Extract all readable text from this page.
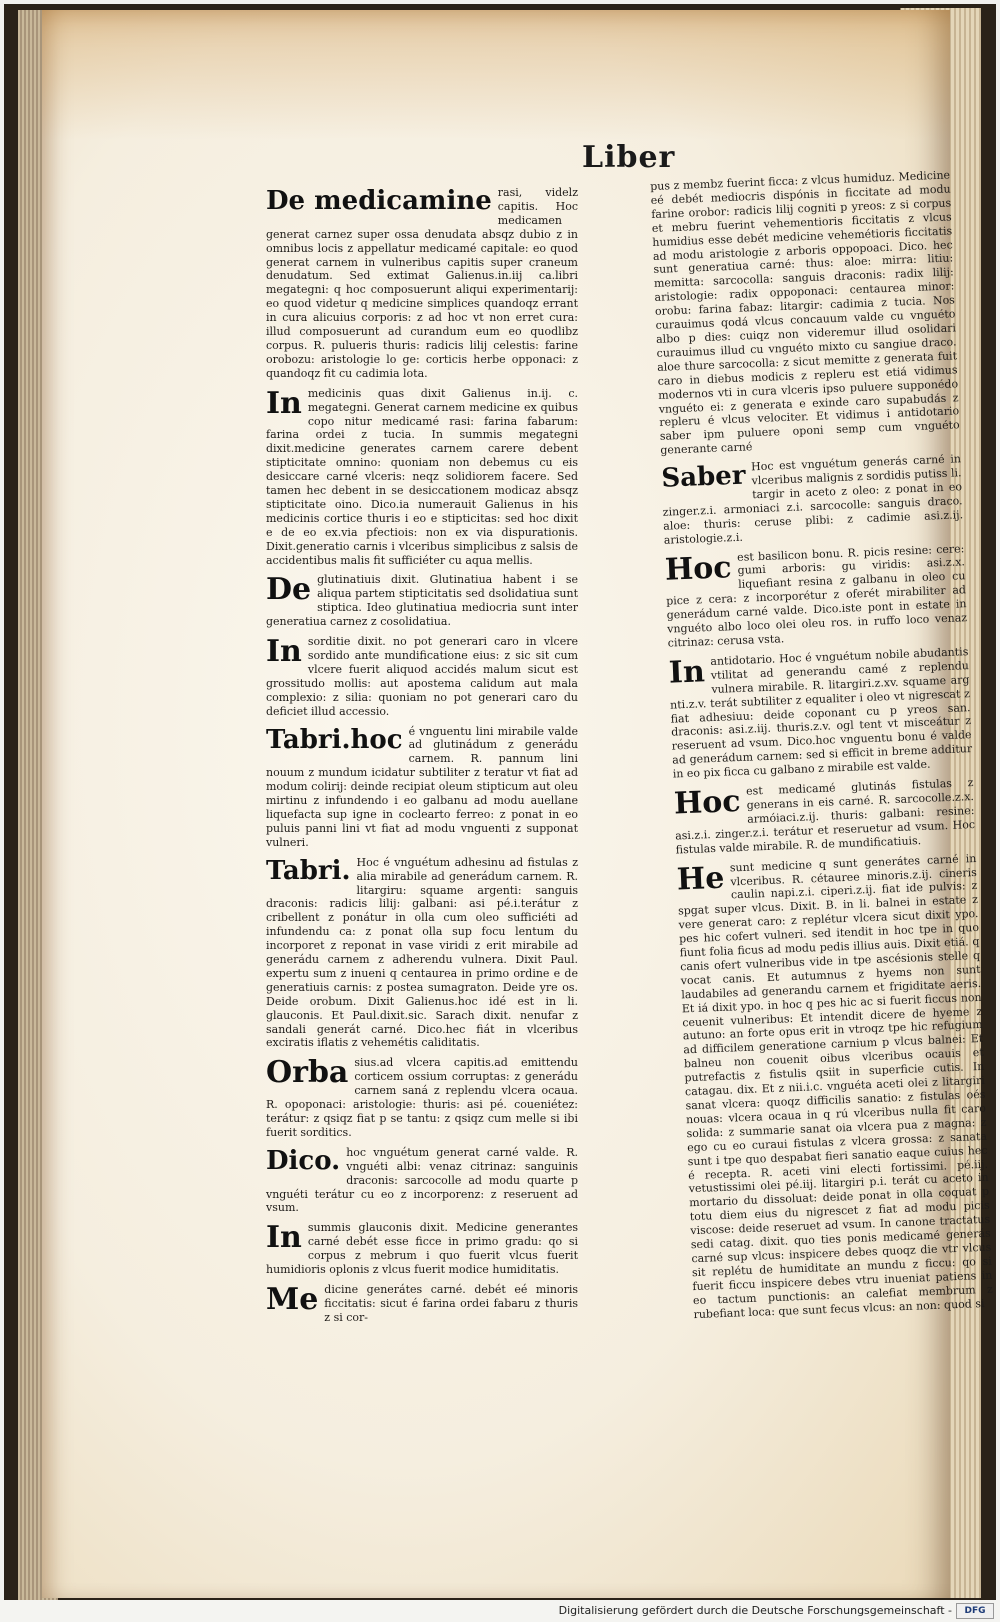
Liber

De medicamine rasi, videlz capitis. Hoc medicamen generat carnez super ossa denudata absqz dubio z in omnibus locis z appellatur medicamé capitale: eo quod generat carnem in vulneribus capitis super craneum denudatum. Sed extimat Galienus.in.iij ca.libri megategni: q hoc composuerunt aliqui experimentarij: eo quod videtur q medicine simplices quandoqz errant in cura alicuius corporis: z ad hoc vt non erret cura: illud composuerunt ad curandum eum eo quodlibz corpus. R. pulueris thuris: radicis lilij celestis: farine orobozu: aristologie lo ge: corticis herbe opponaci: z quandoqz fit cu cadimia lota.

In medicinis quas dixit Galienus in.ij. c. megategni. Generat carnem medicine ex quibus copo nitur medicamé rasi: farina fabarum: farina ordei z tucia. In summis megategni dixit.medicine generates carnem carere debent stipticitate omnino: quoniam non debemus cu eis desiccare carné vlceris: neqz solidiorem facere. Sed tamen hec debent in se desiccationem modicaz absqz stipticitate oino. Dico.ia numerauit Galienus in his medicinis cortice thuris i eo e stipticitas: sed hoc dixit e de eo ex.via pfectiois: non ex via dispurationis. Dixit.generatio carnis i vlceribus simplicibus z salsis de accidentibus malis fit sufficiéter cu aqua mellis.

De glutinatiuis dixit. Glutinatiua habent i se aliqua partem stipticitatis sed dsolidatiua sunt stiptica. Ideo glutinatiua mediocria sunt inter generatiua carnez z cosolidatiua.

In sorditie dixit. no pot generari caro in vlcere sordido ante mundificatione eius: z sic sit cum vlcere fuerit aliquod accidés malum sicut est grossitudo mollis: aut apostema calidum aut mala complexio: z silia: quoniam no pot generari caro du deficiet illud accessio.

Tabri.hoc é vnguentu lini mirabile valde ad glutinádum z generádu carnem. R. pannum lini nouum z mundum icidatur subtiliter z teratur vt fiat ad modum colirij: deinde recipiat oleum stipticum aut oleu mirtinu z infundendo i eo galbanu ad modu auellane liquefacta sup igne in coclearto ferreo: z ponat in eo puluis panni lini vt fiat ad modu vnguenti z supponat vulneri.

Tabri. Hoc é vnguétum adhesinu ad fistulas z alia mirabile ad generádum carnem. R. litargiru: squame argenti: sanguis draconis: radicis lilij: galbani: asi pé.i.terátur z cribellent z ponátur in olla cum oleo sufficiéti ad infundendu ca: z ponat olla sup focu lentum du incorporet z reponat in vase viridi z erit mirabile ad generádu carnem z adherendu vulnera. Dixit Paul. expertu sum z inueni q centaurea in primo ordine e de generatiuis carnis: z postea sumagraton. Deide yre os. Deide orobum. Dixit Galienus.hoc idé est in li. glauconis. Et Paul.dixit.sic. Sarach dixit. nenufar z sandali generát carné. Dico.hec fiát in vlceribus exciratis iflatis z vehemétis caliditatis.

Orba sius.ad vlcera capitis.ad emittendu corticem ossium corruptas: z generádu carnem saná z replendu vlcera ocaua. R. opoponaci: aristologie: thuris: asi pé. coueniétez: terátur: z qsiqz fiat p se tantu: z qsiqz cum melle si ibi fuerit sorditics.

Dico. hoc vnguétum generat carné valde. R. vnguéti albi: venaz citrinaz: sanguinis draconis: sarcocolle ad modu quarte p vnguéti terátur cu eo z incorporenz: z reseruent ad vsum.

In summis glauconis dixit. Medicine generantes carné debét esse ficce in primo gradu: qo si corpus z mebrum i quo fuerit vlcus fuerit humidioris oplonis z vlcus fuerit modice humiditatis.

Me dicine generátes carné. debét eé minoris ficcitatis: sicut é farina ordei fabaru z thuris z si cor-

pus z membz fuerint ficca: z vlcus humiduz. Medicine eé debét mediocris dispónis in ficcitate ad modu farine orobor: radicis lilij cogniti p yreos: z si corpus et mebru fuerint vehementioris ficcitatis z vlcus humidius esse debét medicine vehemétioris ficcitatis ad modu aristologie z arboris oppopoaci. Dico. hec sunt generatiua carné: thus: aloe: mirra: litiu: memitta: sarcocolla: sanguis draconis: radix lilij: aristologie: radix oppoponaci: centaurea minor: orobu: farina fabaz: litargir: cadimia z tucia. Nos curauimus qodá vlcus concauum valde cu vnguéto albo p dies: cuiqz non videremur illud osolidari curauimus illud cu vnguéto mixto cu sangiue draco. aloe thure sarcocolla: z sicut memitte z generata fuit caro in diebus modicis z repleru est etiá vidimus modernos vti in cura vlceris ipso puluere supponédo vnguéto ei: z generata e exinde caro supabudás z repleru é vlcus velociter. Et vidimus i antidotario saber ipm puluere oponi semp cum vnguéto generante carné

Saber Hoc est vnguétum generás carné in vlceribus malignis z sordidis putiss li. targir in aceto z oleo: z ponat in eo zinger.z.i. armoniaci z.i. sarcocolle: sanguis draco. aloe: thuris: ceruse plibi: z cadimie asi.z.ij. aristologie.z.i.

Hoc est basilicon bonu. R. picis resine: cere: gumi arboris: gu viridis: asi.z.x. liquefiant resina z galbanu in oleo cu pice z cera: z incorporétur z oferét mirabiliter ad generádum carné valde. Dico.iste pont in estate in vnguéto albo loco olei oleu ros. in ruffo loco venaz citrinaz: cerusa vsta.

In antidotario. Hoc é vnguétum nobile abudantis vtilitat ad generandu camé z replendu vulnera mirabile. R. litargiri.z.xv. squame arg nti.z.v. terát subtiliter z equaliter i oleo vt nigrescat z fiat adhesiuu: deide coponant cu p yreos san. draconis: asi.z.iij. thuris.z.v. ogl tent vt misceátur z reseruent ad vsum. Dico.hoc vnguentu bonu é valde ad generádum carnem: sed si efficit in breme additur in eo pix ficca cu galbano z mirabile est valde.

Hoc est medicamé glutinás fistulas z generans in eis carné. R. sarcocolle.z.x. armóiaci.z.ij. thuris: galbani: resine: asi.z.i. zinger.z.i. terátur et reseruetur ad vsum. Hoc fistulas valde mirabile. R. de mundificatiuis.

He sunt medicine q sunt generátes carné in vlceribus. R. cétauree minoris.z.ij. cineris caulin napi.z.i. ciperi.z.ij. fiat ide pulvis: z spgat super vlcus. Dixit. B. in li. balnei in estate z vere generat caro: z replétur vlcera sicut dixit ypo. pes hic cofert vulneri. sed itendit in hoc tpe in quo fiunt folia ficus ad modu pedis illius auis. Dixit etiá. q canis ofert vulneribus vide in tpe ascésionis stelle q vocat canis. Et autumnus z hyems non sunt laudabiles ad generandu carnem et frigiditate aeris. Et iá dixit ypo. in hoc q pes hic ac si fuerit ficcus non ceuenit vulneribus: Et intendit dicere de hyeme z autuno: an forte opus erit in vtroqz tpe hic refugium ad difficilem generatione carnium p vlcus balnei: Et balneu non couenit oibus vlceribus ocauis et putrefactis z fistulis qsiit in superficie cutis. In catagau. dix. Et z nii.i.c. vnguéta aceti olei z litargiri sanat vlcera: quoqz difficilis sanatio: z fistulas oés nouas: vlcera ocaua in q rú vlceribus nulla fit caro solida: z summarie sanat oia vlcera pua z magna: z ego cu eo curaui fistulas z vlcera grossa: z sanata sunt i tpe quo despabat fieri sanatio eaque cuius hec é recepta. R. aceti vini electi fortissimi. pé.iij. vetustissimi olei pé.iij. litargiri p.i. terát cu aceto in mortario du dissoluat: deide ponat in olla coquat p totu diem eius du nigrescet z fiat ad modu picis viscose: deide reseruet ad vsum. In canone tractatus sedi catag. dixit. quo ties ponis medicamé generás carné sup vlcus: inspicere debes quoqz die vtr vlcus sit replétu de humiditate an mundu z ficcu: qo si fuerit ficcu inspicere debes vtru inueniat patiens in eo tactum punctionis: an calefiat membrum z rubefiant loca: que sunt fecus vlcus: an non: quod si

Digitalisierung gefördert durch die Deutsche Forschungsgemeinschaft -	DFG
